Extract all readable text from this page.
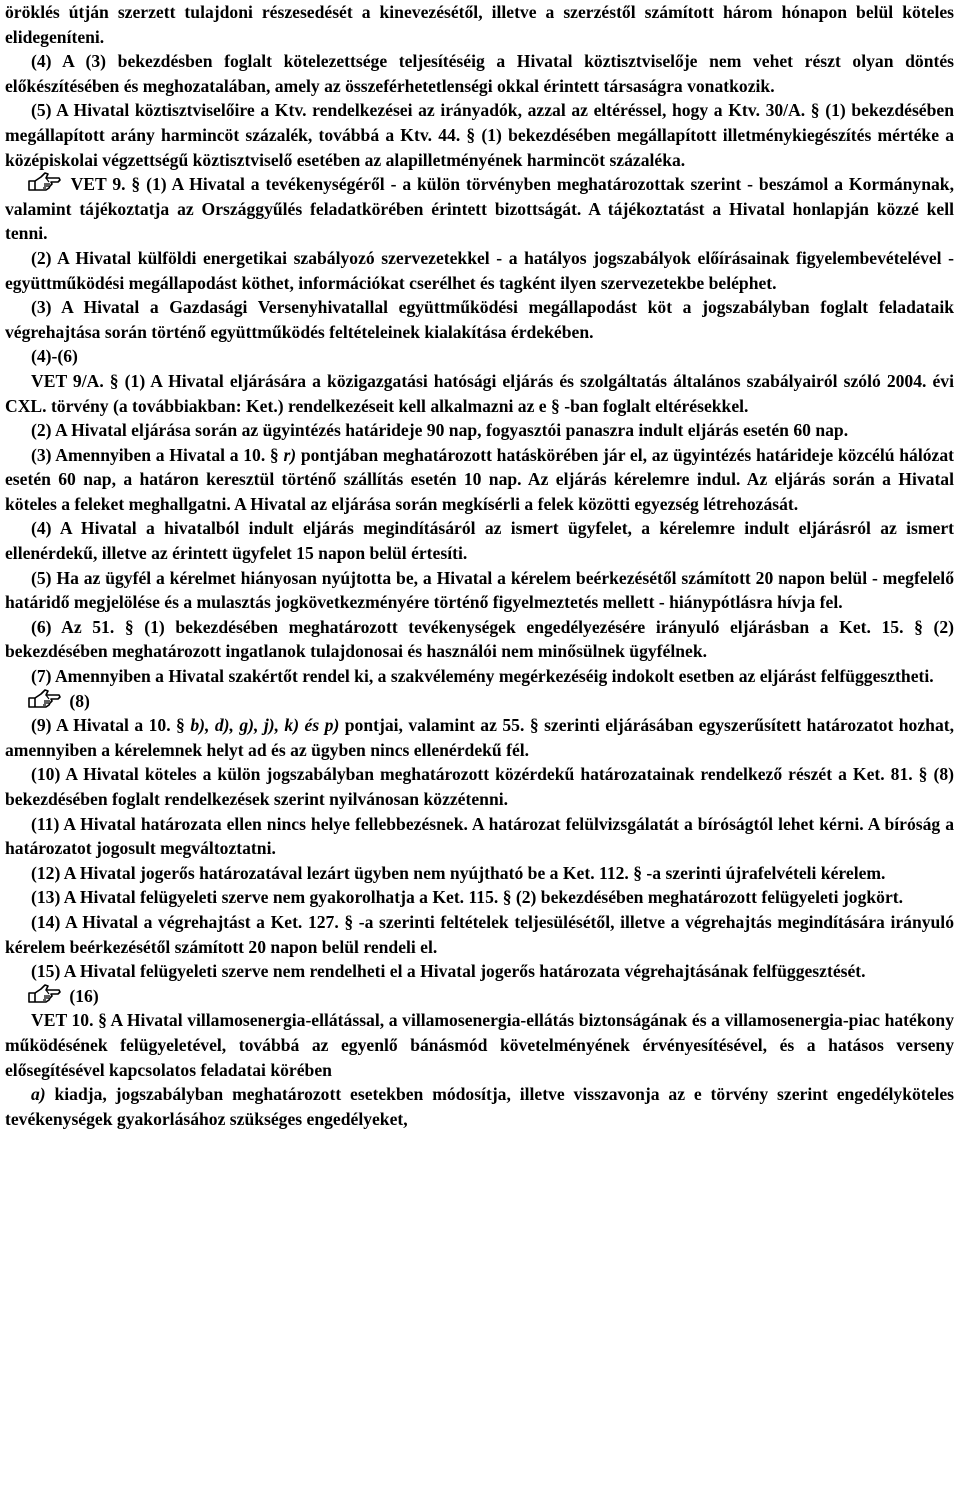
öröklés útján szerzett tulajdoni részesedését a kinevezésétől, illetve a szerzéstől számított három hónapon belül köteles elidegeníteni.

(4) A (3) bekezdésben foglalt kötelezettsége teljesítéséig a Hivatal köztisztviselője nem vehet részt olyan döntés előkészítésében és meghozatalában, amely az összeférhetetlenségi okkal érintett társaságra vonatkozik.

(5) A Hivatal köztisztviselőire a Ktv. rendelkezései az irányadók, azzal az eltéréssel, hogy a Ktv. 30/A. § (1) bekezdésében megállapított arány harmincöt százalék, továbbá a Ktv. 44. § (1) bekezdésében megállapított illetménykiegészítés mértéke a középiskolai végzettségű köztisztviselő esetében az alapilletményének harmincöt százaléka.

VET 9. § (1) A Hivatal a tevékenységéről - a külön törvényben meghatározottak szerint - beszámol a Kormánynak, valamint tájékoztatja az Országgyűlés feladatkörében érintett bizottságát. A tájékoztatást a Hivatal honlapján közzé kell tenni.

(2) A Hivatal külföldi energetikai szabályozó szervezetekkel - a hatályos jogszabályok előírásainak figyelembevételével - együttműködési megállapodást köthet, információkat cserélhet és tagként ilyen szervezetekbe beléphet.

(3) A Hivatal a Gazdasági Versenyhivatallal együttműködési megállapodást köt a jogszabályban foglalt feladataik végrehajtása során történő együttműködés feltételeinek kialakítása érdekében.

(4)-(6)

VET 9/A. § (1) A Hivatal eljárására a közigazgatási hatósági eljárás és szolgáltatás általános szabályairól szóló 2004. évi CXL. törvény (a továbbiakban: Ket.) rendelkezéseit kell alkalmazni az e § -ban foglalt eltérésekkel.

(2) A Hivatal eljárása során az ügyintézés határideje 90 nap, fogyasztói panaszra indult eljárás esetén 60 nap.

(3) Amennyiben a Hivatal a 10. § r) pontjában meghatározott hatáskörében jár el, az ügyintézés határideje közcélú hálózat esetén 60 nap, a határon keresztül történő szállítás esetén 10 nap. Az eljárás kérelemre indul. Az eljárás során a Hivatal köteles a feleket meghallgatni. A Hivatal az eljárása során megkísérli a felek közötti egyezség létrehozását.

(4) A Hivatal a hivatalból indult eljárás megindításáról az ismert ügyfelet, a kérelemre indult eljárásról az ismert ellenérdekű, illetve az érintett ügyfelet 15 napon belül értesíti.

(5) Ha az ügyfél a kérelmet hiányosan nyújtotta be, a Hivatal a kérelem beérkezésétől számított 20 napon belül - megfelelő határidő megjelölése és a mulasztás jogkövetkezményére történő figyelmeztetés mellett - hiánypótlásra hívja fel.

(6) Az 51. § (1) bekezdésében meghatározott tevékenységek engedélyezésére irányuló eljárásban a Ket. 15. § (2) bekezdésében meghatározott ingatlanok tulajdonosai és használói nem minősülnek ügyfélnek.

(7) Amennyiben a Hivatal szakértőt rendel ki, a szakvélemény megérkezéséig indokolt esetben az eljárást felfüggesztheti.

(8)

(9) A Hivatal a 10. § b), d), g), j), k) és p) pontjai, valamint az 55. § szerinti eljárásában egyszerűsített határozatot hozhat, amennyiben a kérelemnek helyt ad és az ügyben nincs ellenérdekű fél.

(10) A Hivatal köteles a külön jogszabályban meghatározott közérdekű határozatainak rendelkező részét a Ket. 81. § (8) bekezdésében foglalt rendelkezések szerint nyilvánosan közzétenni.

(11) A Hivatal határozata ellen nincs helye fellebbezésnek. A határozat felülvizsgálatát a bíróságtól lehet kérni. A bíróság a határozatot jogosult megváltoztatni.

(12) A Hivatal jogerős határozatával lezárt ügyben nem nyújtható be a Ket. 112. § -a szerinti újrafelvételi kérelem.

(13) A Hivatal felügyeleti szerve nem gyakorolhatja a Ket. 115. § (2) bekezdésében meghatározott felügyeleti jogkört.

(14) A Hivatal a végrehajtást a Ket. 127. § -a szerinti feltételek teljesülésétől, illetve a végrehajtás megindítására irányuló kérelem beérkezésétől számított 20 napon belül rendeli el.

(15) A Hivatal felügyeleti szerve nem rendelheti el a Hivatal jogerős határozata végrehajtásának felfüggesztését.

(16)

VET 10. § A Hivatal villamosenergia-ellátással, a villamosenergia-ellátás biztonságának és a villamosenergia-piac hatékony működésének felügyeletével, továbbá az egyenlő bánásmód követelményének érvényesítésével, és a hatásos verseny elősegítésével kapcsolatos feladatai körében

a) kiadja, jogszabályban meghatározott esetekben módosítja, illetve visszavonja az e törvény szerint engedélyköteles tevékenységek gyakorlásához szükséges engedélyeket,
